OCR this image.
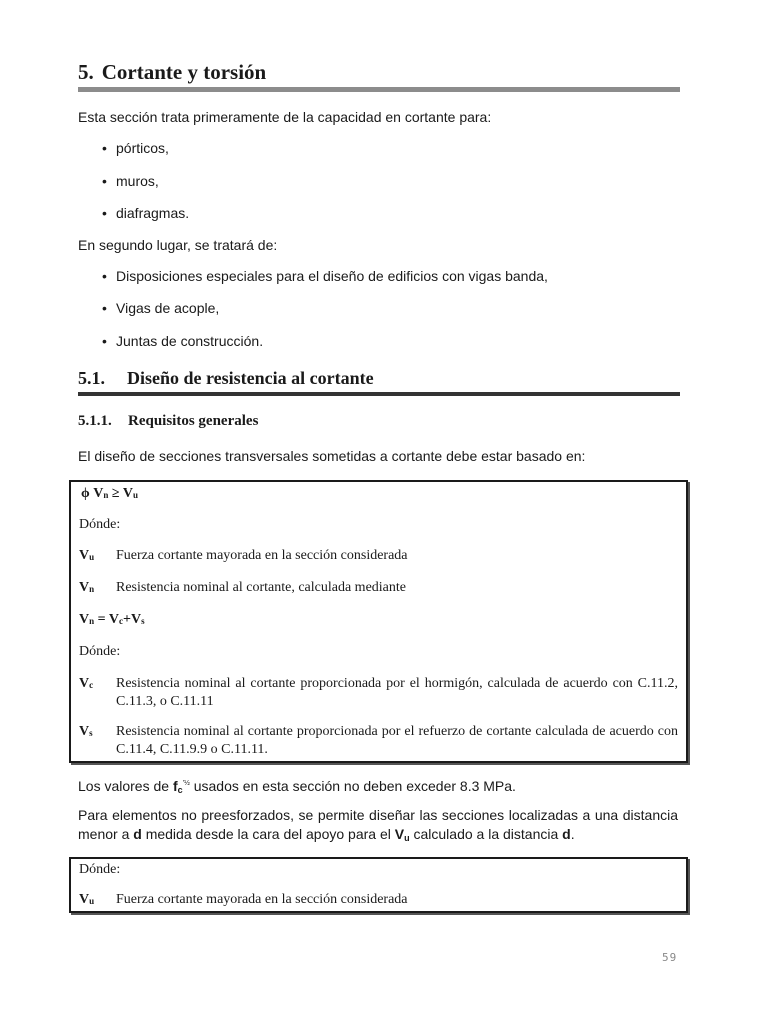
5. Cortante y torsión
Esta sección trata primeramente de la capacidad en cortante para:
• pórticos,
• muros,
• diafragmas.
En segundo lugar, se tratará de:
• Disposiciones especiales para el diseño de edificios con vigas banda,
• Vigas de acople,
• Juntas de construcción.
5.1. Diseño de resistencia al cortante
5.1.1. Requisitos generales
El diseño de secciones transversales sometidas a cortante debe estar basado en:
ϕ $V_n \ge V_u$
Dónde:
$V_u$ Fuerza cortante mayorada en la sección considerada
$V_n$ Resistencia nominal al cortante, calculada mediante
$V_n = V_c+V_s$
Dónde:
$V_c$ Resistencia nominal al cortante proporcionada por el hormigón, calculada de acuerdo con C.11.2, C.11.3, o C.11.11
$V_s$ Resistencia nominal al cortante proporcionada por el refuerzo de cortante calculada de acuerdo con C.11.4, C.11.9.9 o C.11.11.
Los valores de $f_c^{'\frac{1}{2}}$ usados en esta sección no deben exceder 8.3 MPa.
Para elementos no preesforzados, se permite diseñar las secciones localizadas a una distancia menor a d medida desde la cara del apoyo para el $V_u$ calculado a la distancia d.
Dónde:
$V_u$ Fuerza cortante mayorada en la sección considerada
59
